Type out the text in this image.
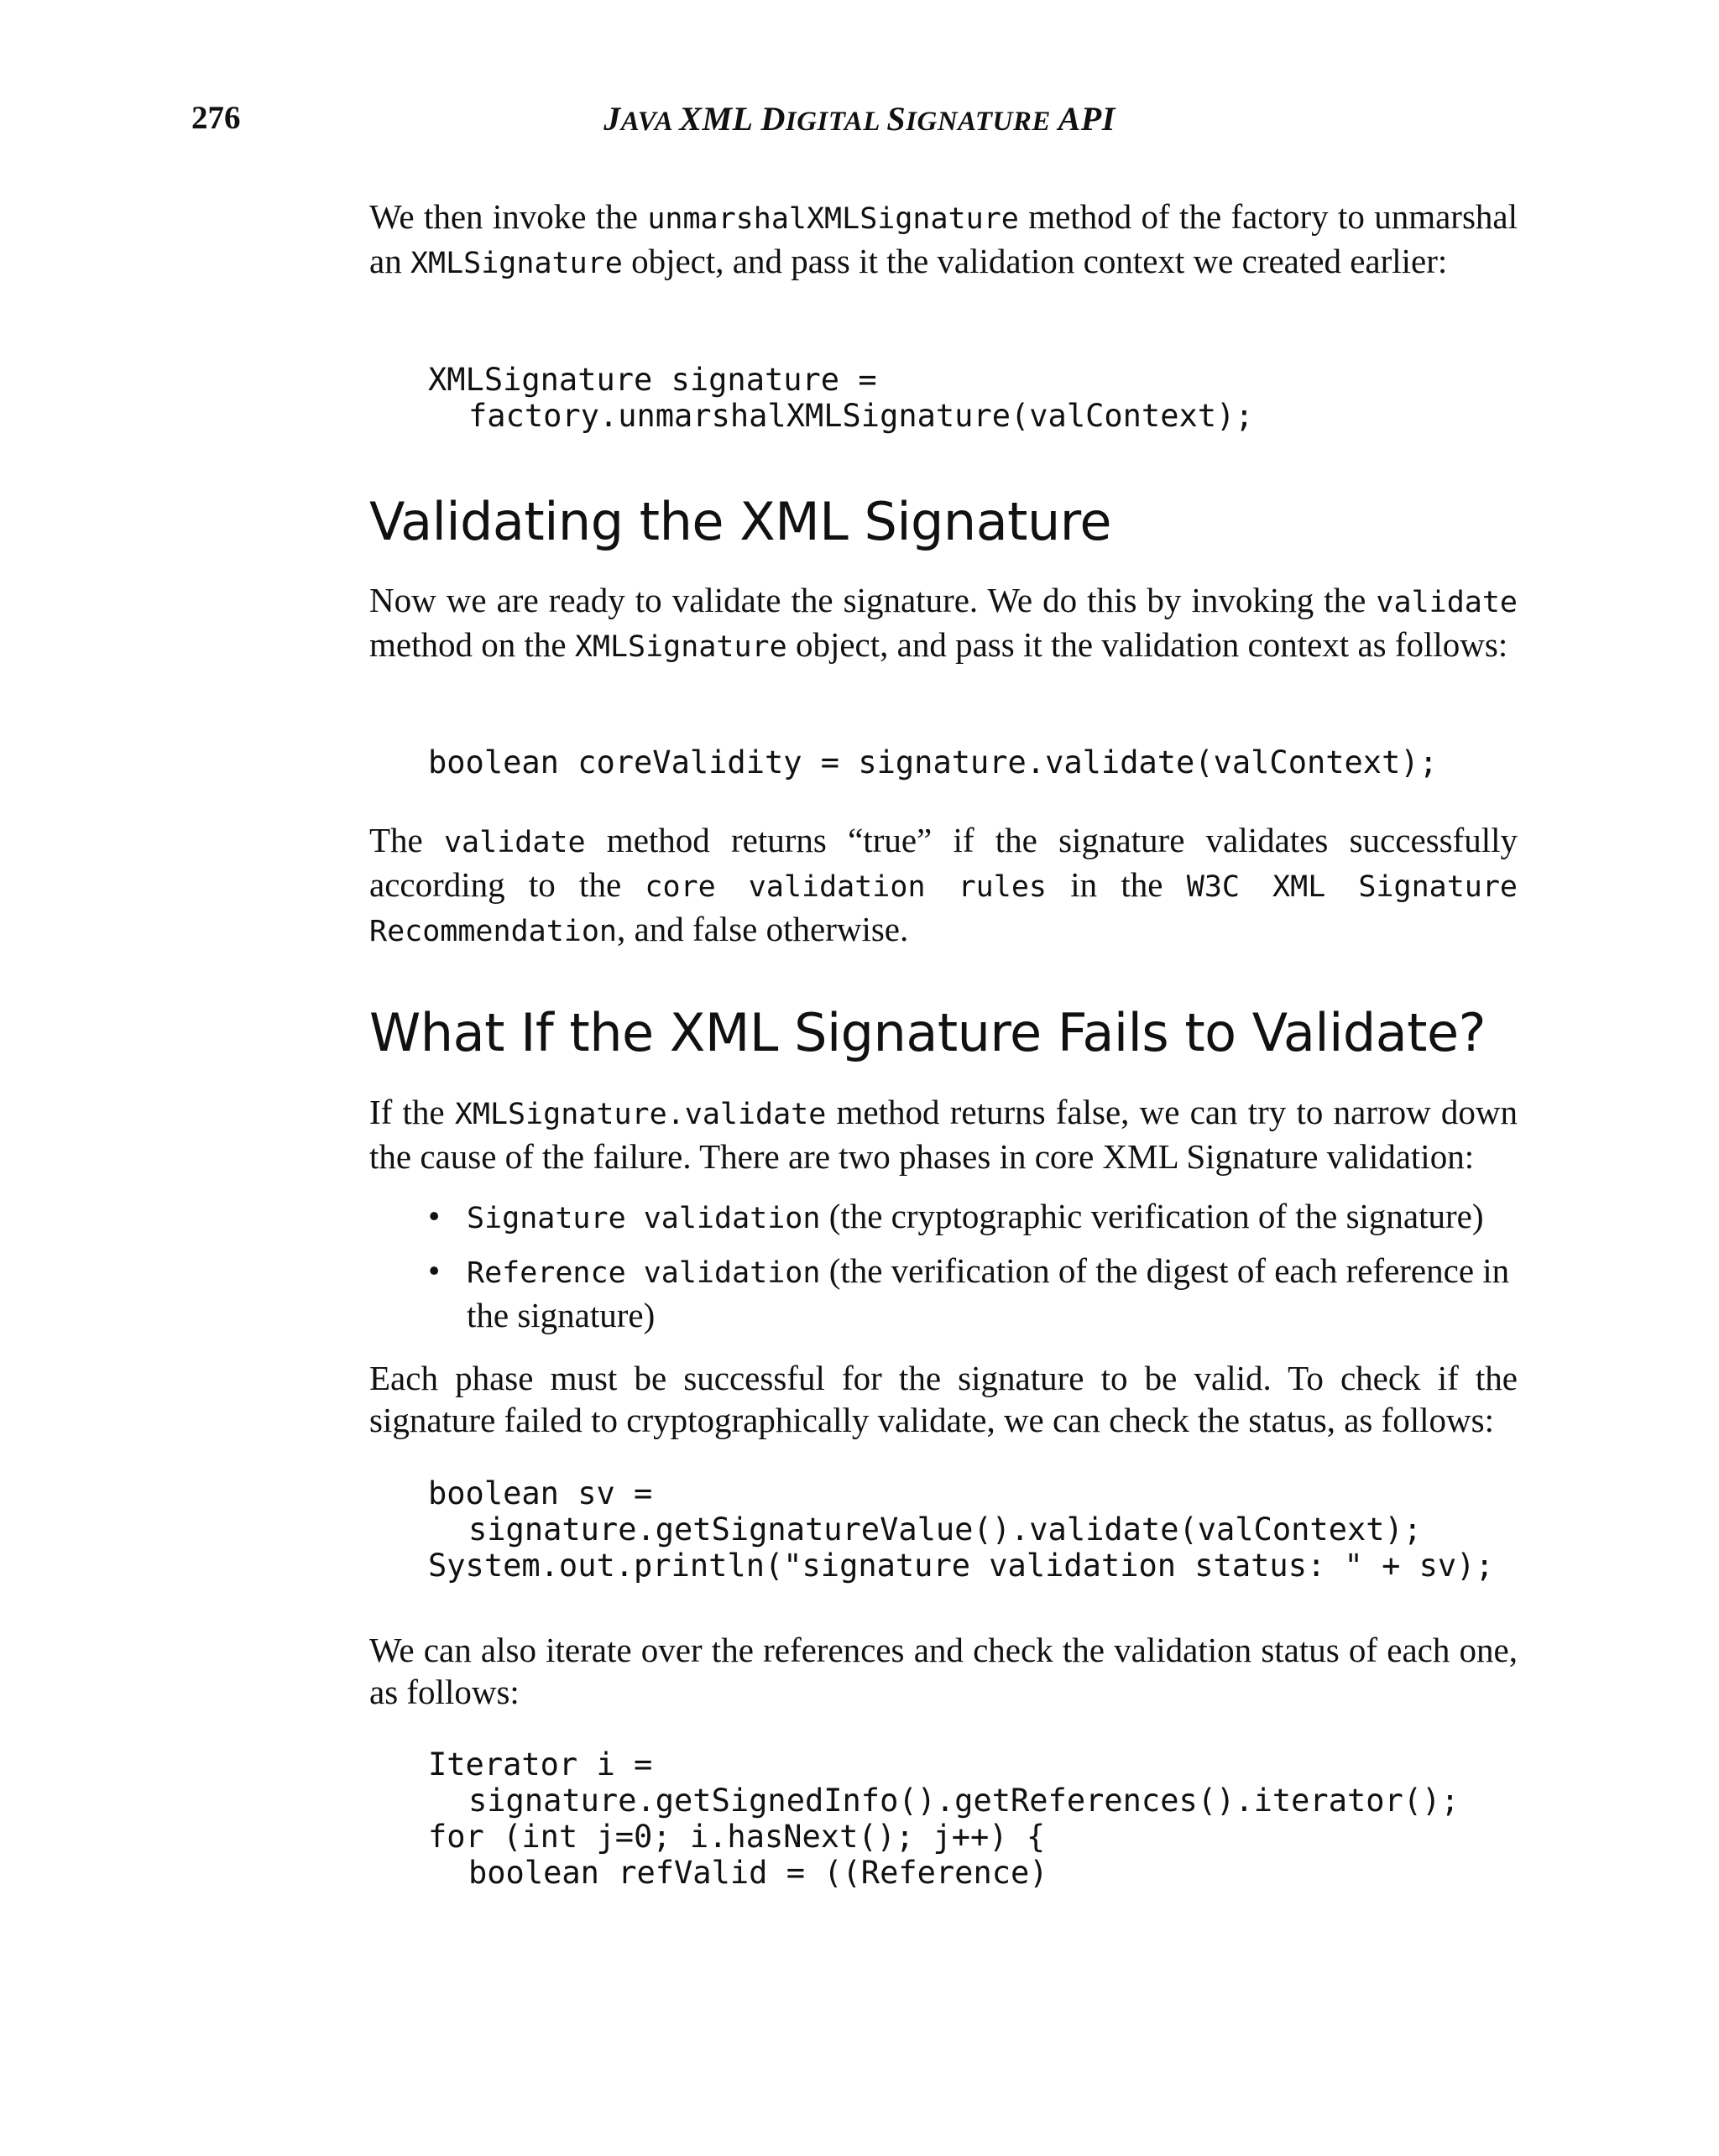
276	JAVA XML DIGITAL SIGNATURE API

We then invoke the unmarshalXMLSignature method of the factory to unmarshal an XMLSignature object, and pass it the validation context we created earlier:

XMLSignature signature =
factory.unmarshalXMLSignature(valContext);
Validating the XML Signature

Now we are ready to validate the signature. We do this by invoking the validate method on the XMLSignature object, and pass it the validation context as follows:

boolean coreValidity = signature.validate(valContext);

The validate method returns “true” if the signature validates successfully according to the core validation rules in the W3C XML Signature Recommendation, and false otherwise.

What If the XML Signature Fails to Validate?

If the XMLSignature.validate method returns false, we can try to narrow down the cause of the failure. There are two phases in core XML Signature validation:

• Signature validation (the cryptographic verification of the signature)
• Reference validation (the verification of the digest of each reference in the signature)

Each phase must be successful for the signature to be valid. To check if the signature failed to cryptographically validate, we can check the status, as follows:

boolean sv =
signature.getSignatureValue().validate(valContext);
System.out.println("signature validation status: " + sv);

We can also iterate over the references and check the validation status of each one, as follows:

Iterator i =
signature.getSignedInfo().getReferences().iterator();
for (int j=0; i.hasNext(); j++) {
boolean refValid = ((Reference)
